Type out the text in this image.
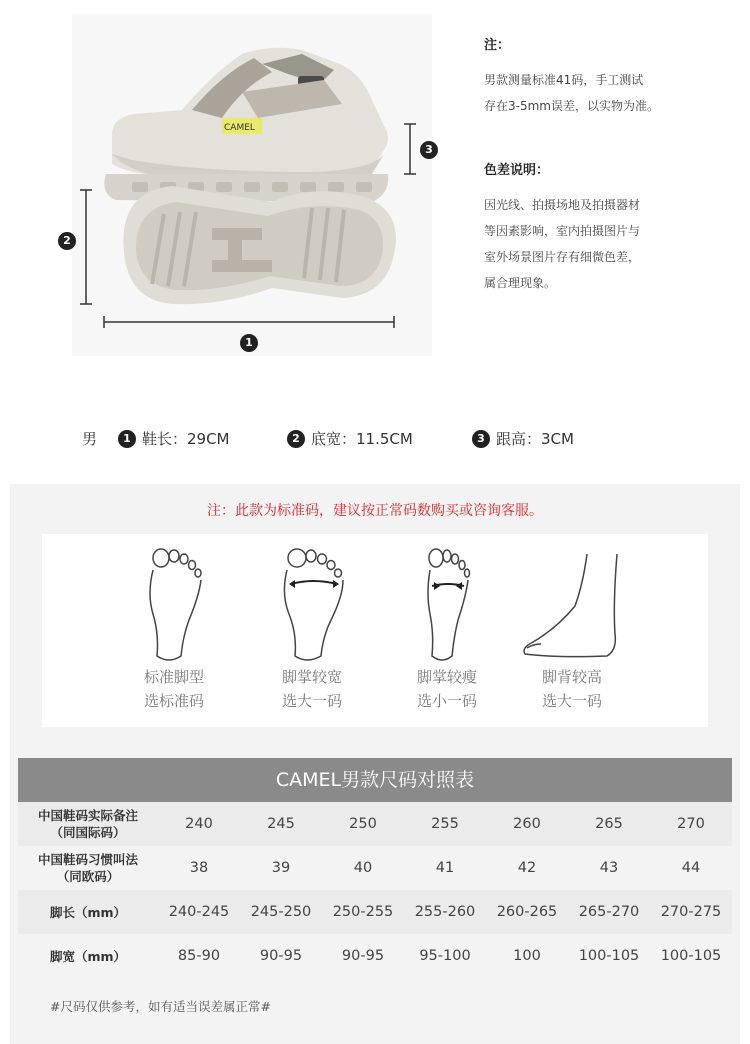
CAMEL
2
1
3
注：
男款测量标准41码，手工测试
存在3-5mm误差，以实物为准。
色差说明：
因光线、拍摄场地及拍摄器材
等因素影响，室内拍摄图片与
室外场景图片存有细微色差，
属合理现象。
男	1 鞋长：29CM	2 底宽：11.5CM	3 跟高：3CM
注：此款为标准码，建议按正常码数购买或咨询客服。
标准脚型
选标准码
脚掌较宽
选大一码
脚掌较瘦
选小一码
脚背较高
选大一码
CAMEL男款尺码对照表
中国鞋码实际备注
（同国际码）
240	245	250	255	260	265	270
中国鞋码习惯叫法
（同欧码）
38	39	40	41	42	43	44
脚长（mm）	240-245	245-250	250-255	255-260	260-265	265-270	270-275
脚宽（mm）	85-90	90-95	90-95	95-100	100	100-105	100-105
#尺码仅供参考，如有适当误差属正常#
